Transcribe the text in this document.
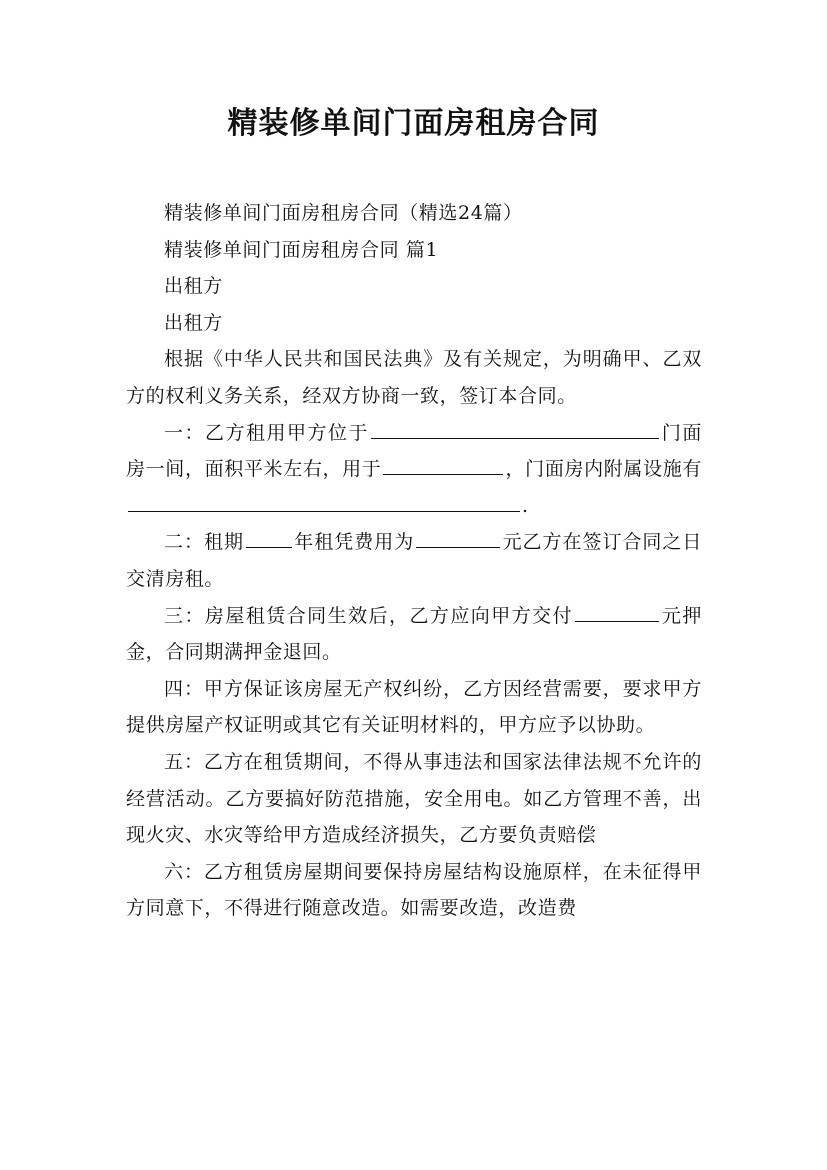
精装修单间门面房租房合同

精装修单间门面房租房合同（精选24篇）

精装修单间门面房租房合同 篇1

出租方

出租方

根据《中华人民共和国民法典》及有关规定，为明确甲、乙双方的权利义务关系，经双方协商一致，签订本合同。

一：乙方租用甲方位于	门面房一间，面积平米左右，用于	，门面房内附属设施有.

二：租期	年租凭费用为	元乙方在签订合同之日交清房租。

三：房屋租赁合同生效后，乙方应向甲方交付	元押金，合同期满押金退回。

四：甲方保证该房屋无产权纠纷，乙方因经营需要，要求甲方提供房屋产权证明或其它有关证明材料的，甲方应予以协助。

五：乙方在租赁期间，不得从事违法和国家法律法规不允许的经营活动。乙方要搞好防范措施，安全用电。如乙方管理不善，出现火灾、水灾等给甲方造成经济损失，乙方要负责赔偿

六：乙方租赁房屋期间要保持房屋结构设施原样，在未征得甲方同意下，不得进行随意改造。如需要改造，改造费
